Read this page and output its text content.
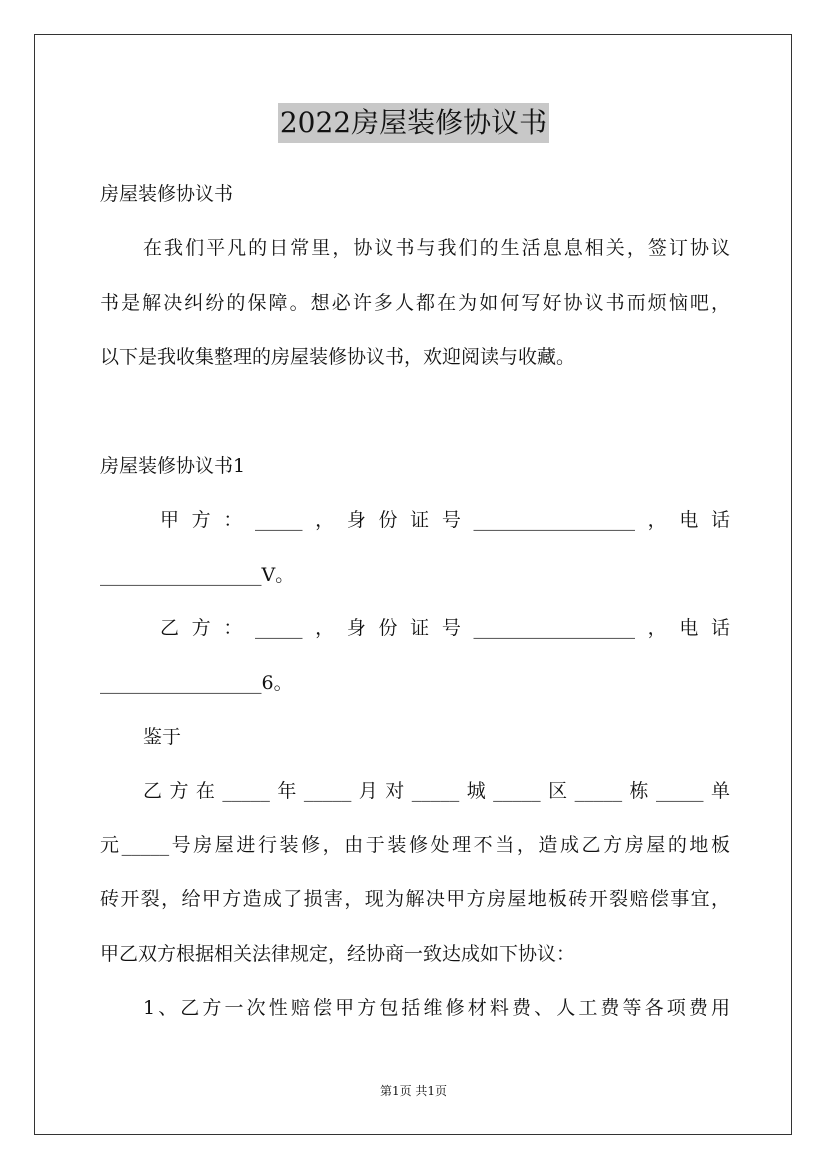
2022房屋装修协议书
房屋装修协议书
在我们平凡的日常里，协议书与我们的生活息息相关，签订协议
书是解决纠纷的保障。想必许多人都在为如何写好协议书而烦恼吧，
以下是我收集整理的房屋装修协议书，欢迎阅读与收藏。
房屋装修协议书1
甲方：_____，身份证号_________________，电话
_________________V。
乙方：_____，身份证号_________________，电话
_________________6。
鉴于
乙方在_____年_____月对_____城_____区_____栋_____单
元_____号房屋进行装修，由于装修处理不当，造成乙方房屋的地板
砖开裂，给甲方造成了损害，现为解决甲方房屋地板砖开裂赔偿事宜，
甲乙双方根据相关法律规定，经协商一致达成如下协议：
1、乙方一次性赔偿甲方包括维修材料费、人工费等各项费用
第1页 共1页
